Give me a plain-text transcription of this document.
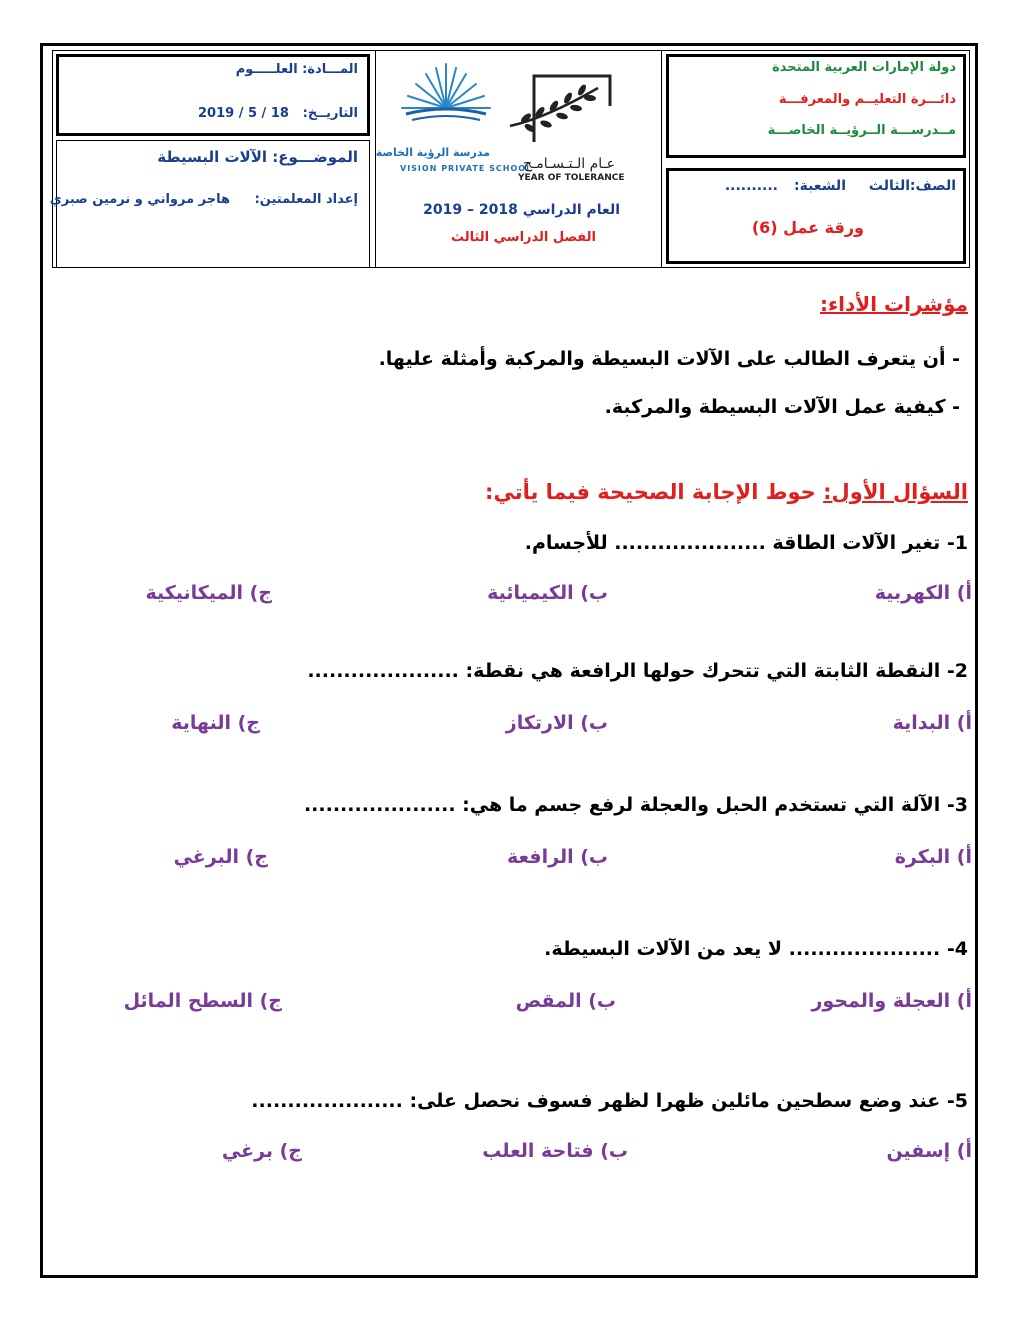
دولة الإمارات العربية المتحدة
دائـــرة التعليــم والمعرفـــة
مــدرســـة الــرؤيــة الخاصـــة
الصف:
الثالث
الشعبة:
..........
ورقة عمل (6)
المـــادة: العلـــــوم
التاريــخ:
2019 / 5 / 18
الموضـــوع: الآلات البسيطة
إعداد المعلمتين:
هاجر مرواني و نرمين صبري
مدرسة الرؤية الخاصة
VISION PRIVATE SCHOOL
عـام الـتـسـامـح
YEAR OF TOLERANCE
العام الدراسي 2018 – 2019
الفصل الدراسي الثالث
مؤشرات الأداء:
- أن يتعرف الطالب على الآلات البسيطة والمركبة وأمثلة عليها.
- كيفية عمل الآلات البسيطة والمركبة.
السؤال الأول: حوط الإجابة الصحيحة فيما يأتي:
1- تغير الآلات الطاقة ..................... للأجسام.
أ) الكهربية
ب) الكيميائية
ج) الميكانيكية
2- النقطة الثابتة التي تتحرك حولها الرافعة هي نقطة: .....................
أ) البداية
ب) الارتكاز
ج) النهاية
3- الآلة التي تستخدم الحبل والعجلة لرفع جسم ما هي: .....................
أ) البكرة
ب) الرافعة
ج) البرغي
4- ..................... لا يعد من الآلات البسيطة.
أ) العجلة والمحور
ب) المقص
ج) السطح المائل
5- عند وضع سطحين مائلين ظهرا لظهر فسوف نحصل على: .....................
أ) إسفين
ب) فتاحة العلب
ج) برغي
